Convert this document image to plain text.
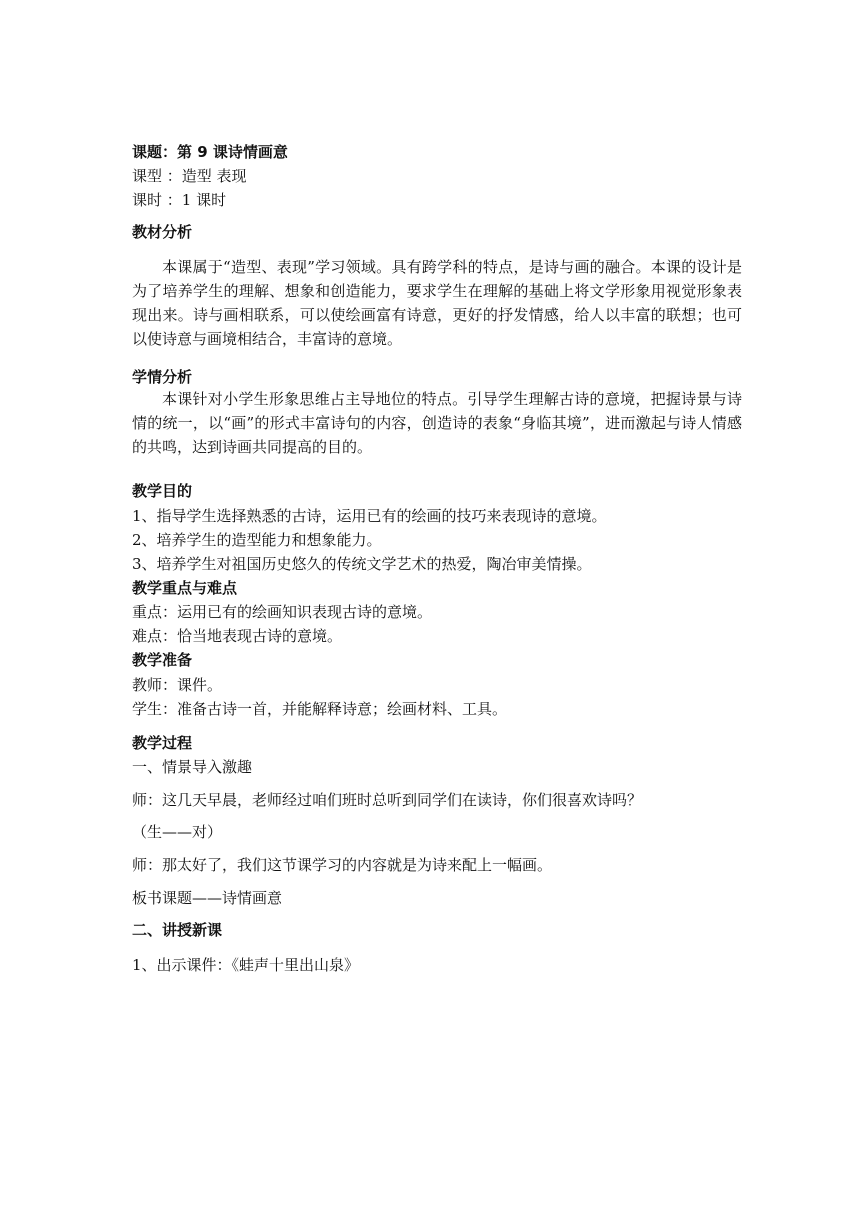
课题：第 9 课诗情画意

课型 ：造型 表现

课时 ：1 课时

教材分析

本课属于“造型、表现”学习领域。具有跨学科的特点，是诗与画的融合。本课的设计是为了培养学生的理解、想象和创造能力，要求学生在理解的基础上将文学形象用视觉形象表现出来。诗与画相联系，可以使绘画富有诗意，更好的抒发情感，给人以丰富的联想；也可以使诗意与画境相结合，丰富诗的意境。

学情分析

本课针对小学生形象思维占主导地位的特点。引导学生理解古诗的意境，把握诗景与诗情的统一，以“画”的形式丰富诗句的内容，创造诗的表象“身临其境”，进而激起与诗人情感的共鸣，达到诗画共同提高的目的。

教学目的

1、指导学生选择熟悉的古诗，运用已有的绘画的技巧来表现诗的意境。

2、培养学生的造型能力和想象能力。

3、培养学生对祖国历史悠久的传统文学艺术的热爱，陶冶审美情操。

教学重点与难点

重点：运用已有的绘画知识表现古诗的意境。

难点：恰当地表现古诗的意境。

教学准备

教师：课件。

学生：准备古诗一首，并能解释诗意；绘画材料、工具。

教学过程

一、情景导入激趣

师：这几天早晨，老师经过咱们班时总听到同学们在读诗，你们很喜欢诗吗？

（生——对）

师：那太好了，我们这节课学习的内容就是为诗来配上一幅画。

板书课题——诗情画意

二、讲授新课

1、出示课件：《蛙声十里出山泉》
